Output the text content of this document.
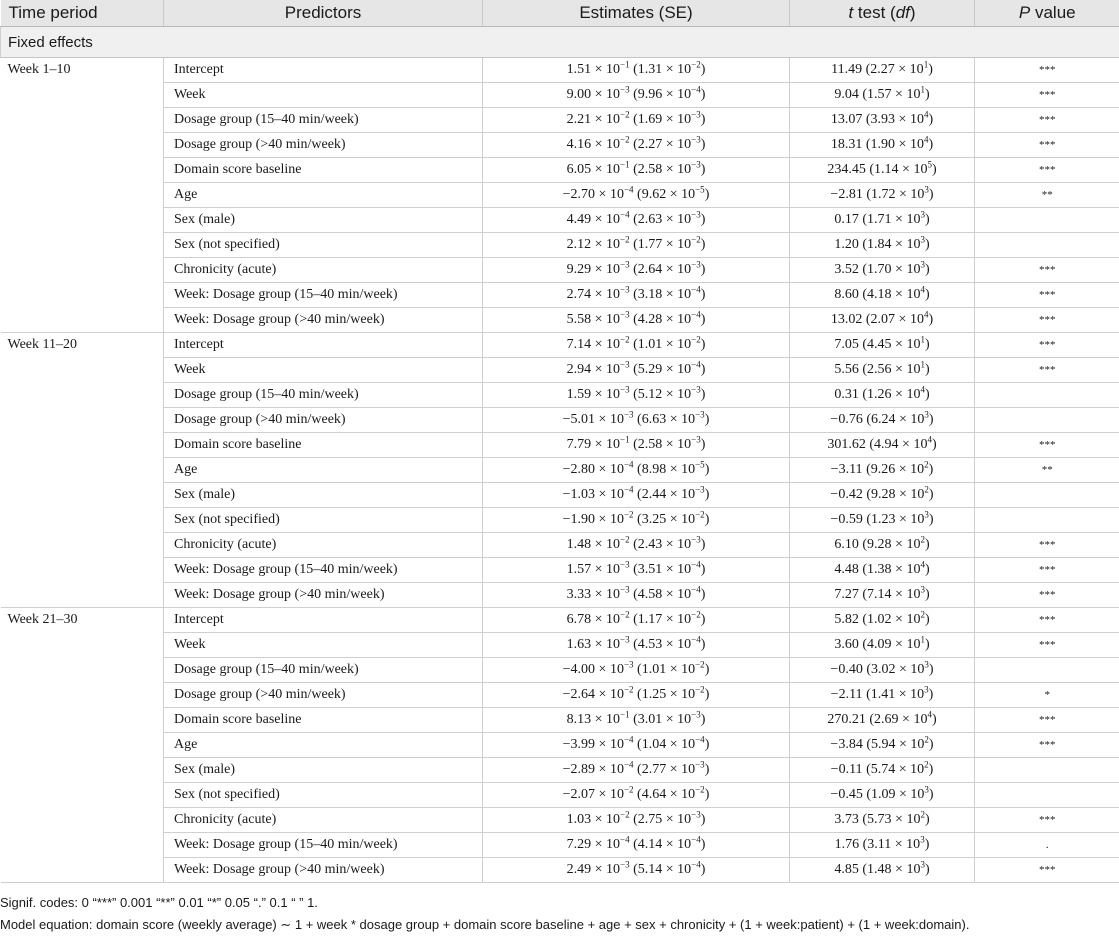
Time period	Predictors	Estimates (SE)	t test (df)	P value
Fixed effects				
Week 1–10	Intercept	$1.51 \times 10^{-1}$ $(1.31 \times 10^{-2})$	11.49 $(2.27 \times 10^1)$	***
	Week	$9.00 \times 10^{-3}$ $(9.96 \times 10^{-4})$	9.04 $(1.57 \times 10^1)$	***
	Dosage group (15–40 min/week)	$2.21 \times 10^{-2}$ $(1.69 \times 10^{-3})$	13.07 $(3.93 \times 10^4)$	***
	Dosage group (>40 min/week)	$4.16 \times 10^{-2}$ $(2.27 \times 10^{-3})$	18.31 $(1.90 \times 10^4)$	***
	Domain score baseline	$6.05 \times 10^{-1}$ $(2.58 \times 10^{-3})$	234.45 $(1.14 \times 10^5)$	***
	Age	$-2.70 \times 10^{-4}$ $(9.62 \times 10^{-5})$	−2.81 $(1.72 \times 10^3)$	**
	Sex (male)	$4.49 \times 10^{-4}$ $(2.63 \times 10^{-3})$	0.17 $(1.71 \times 10^3)$	
	Sex (not specified)	$2.12 \times 10^{-2}$ $(1.77 \times 10^{-2})$	1.20 $(1.84 \times 10^3)$	
	Chronicity (acute)	$9.29 \times 10^{-3}$ $(2.64 \times 10^{-3})$	3.52 $(1.70 \times 10^3)$	***
	Week: Dosage group (15–40 min/week)	$2.74 \times 10^{-3}$ $(3.18 \times 10^{-4})$	8.60 $(4.18 \times 10^4)$	***
	Week: Dosage group (>40 min/week)	$5.58 \times 10^{-3}$ $(4.28 \times 10^{-4})$	13.02 $(2.07 \times 10^4)$	***
Week 11–20	Intercept	$7.14 \times 10^{-2}$ $(1.01 \times 10^{-2})$	7.05 $(4.45 \times 10^1)$	***
	Week	$2.94 \times 10^{-3}$ $(5.29 \times 10^{-4})$	5.56 $(2.56 \times 10^1)$	***
	Dosage group (15–40 min/week)	$1.59 \times 10^{-3}$ $(5.12 \times 10^{-3})$	0.31 $(1.26 \times 10^4)$	
	Dosage group (>40 min/week)	$-5.01 \times 10^{-3}$ $(6.63 \times 10^{-3})$	−0.76 $(6.24 \times 10^3)$	
	Domain score baseline	$7.79 \times 10^{-1}$ $(2.58 \times 10^{-3})$	301.62 $(4.94 \times 10^4)$	***
	Age	$-2.80 \times 10^{-4}$ $(8.98 \times 10^{-5})$	−3.11 $(9.26 \times 10^2)$	**
	Sex (male)	$-1.03 \times 10^{-4}$ $(2.44 \times 10^{-3})$	−0.42 $(9.28 \times 10^2)$	
	Sex (not specified)	$-1.90 \times 10^{-2}$ $(3.25 \times 10^{-2})$	−0.59 $(1.23 \times 10^3)$	
	Chronicity (acute)	$1.48 \times 10^{-2}$ $(2.43 \times 10^{-3})$	6.10 $(9.28 \times 10^2)$	***
	Week: Dosage group (15–40 min/week)	$1.57 \times 10^{-3}$ $(3.51 \times 10^{-4})$	4.48 $(1.38 \times 10^4)$	***
	Week: Dosage group (>40 min/week)	$3.33 \times 10^{-3}$ $(4.58 \times 10^{-4})$	7.27 $(7.14 \times 10^3)$	***
Week 21–30	Intercept	$6.78 \times 10^{-2}$ $(1.17 \times 10^{-2})$	5.82 $(1.02 \times 10^2)$	***
	Week	$1.63 \times 10^{-3}$ $(4.53 \times 10^{-4})$	3.60 $(4.09 \times 10^1)$	***
	Dosage group (15–40 min/week)	$-4.00 \times 10^{-3}$ $(1.01 \times 10^{-2})$	−0.40 $(3.02 \times 10^3)$	
	Dosage group (>40 min/week)	$-2.64 \times 10^{-2}$ $(1.25 \times 10^{-2})$	−2.11 $(1.41 \times 10^3)$	*
	Domain score baseline	$8.13 \times 10^{-1}$ $(3.01 \times 10^{-3})$	270.21 $(2.69 \times 10^4)$	***
	Age	$-3.99 \times 10^{-4}$ $(1.04 \times 10^{-4})$	−3.84 $(5.94 \times 10^2)$	***
	Sex (male)	$-2.89 \times 10^{-4}$ $(2.77 \times 10^{-3})$	−0.11 $(5.74 \times 10^2)$	
	Sex (not specified)	$-2.07 \times 10^{-2}$ $(4.64 \times 10^{-2})$	−0.45 $(1.09 \times 10^3)$	
	Chronicity (acute)	$1.03 \times 10^{-2}$ $(2.75 \times 10^{-3})$	3.73 $(5.73 \times 10^2)$	***
	Week: Dosage group (15–40 min/week)	$7.29 \times 10^{-4}$ $(4.14 \times 10^{-4})$	1.76 $(3.11 \times 10^3)$	.
	Week: Dosage group (>40 min/week)	$2.49 \times 10^{-3}$ $(5.14 \times 10^{-4})$	4.85 $(1.48 \times 10^3)$	***

Signif. codes: 0 “***” 0.001 “**” 0.01 “*” 0.05 “.” 0.1 “ ” 1.

Model equation: domain score (weekly average) ∼ 1 + week * dosage group + domain score baseline + age + sex + chronicity + (1 + week:patient) + (1 + week:domain).
